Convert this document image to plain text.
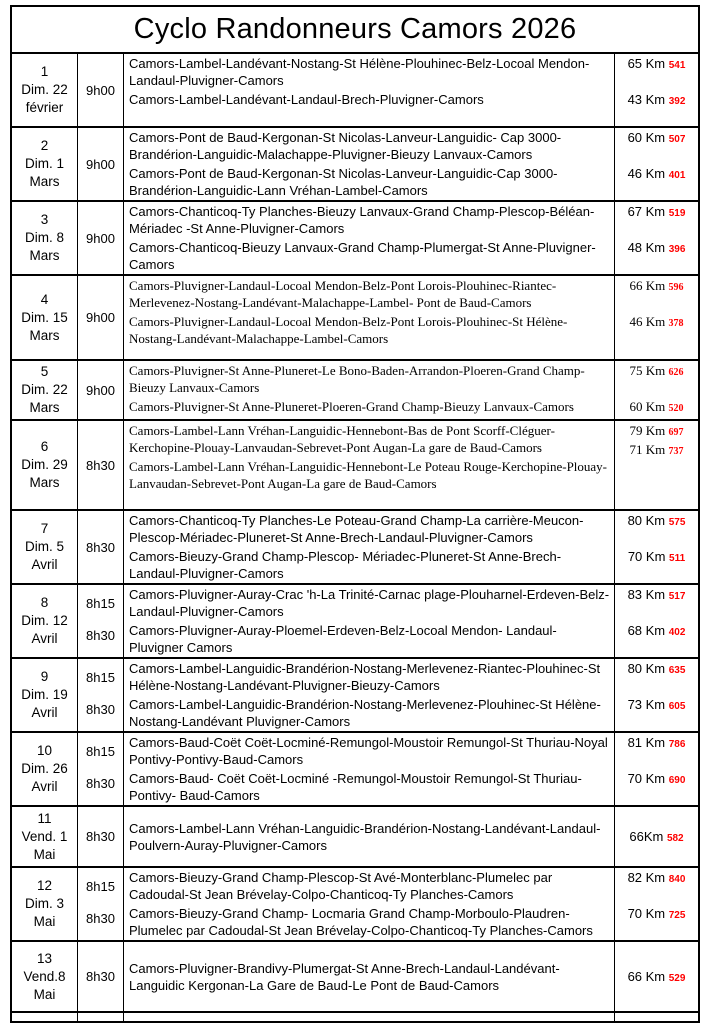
Cyclo Randonneurs Camors 2026
1
Dim. 22
février
9h00
Camors-Lambel-Landévant-Nostang-St Hélène-Plouhinec-Belz-Locoal Mendon-Landaul-Pluvigner-Camors
65 Km 541
Camors-Lambel-Landévant-Landaul-Brech-Pluvigner-Camors	43 Km 392
2
Dim. 1
Mars
9h00
Camors-Pont de Baud-Kergonan-St Nicolas-Lanveur-Languidic- Cap 3000-Brandérion-Languidic-Malachappe-Pluvigner-Bieuzy Lanvaux-Camors
60 Km 507
Camors-Pont de Baud-Kergonan-St Nicolas-Lanveur-Languidic-Cap 3000-Brandérion-Languidic-Lann Vréhan-Lambel-Camors
46 Km 401
3
Dim. 8
Mars
9h00
Camors-Chanticoq-Ty Planches-Bieuzy Lanvaux-Grand Champ-Plescop-Béléan-Mériadec -St Anne-Pluvigner-Camors
67 Km 519
Camors-Chanticoq-Bieuzy Lanvaux-Grand Champ-Plumergat-St Anne-Pluvigner-Camors
48 Km 396
4
Dim. 15
Mars
9h00
Camors-Pluvigner-Landaul-Locoal Mendon-Belz-Pont Lorois-Plouhinec-Riantec-Merlevenez-Nostang-Landévant-Malachappe-Lambel- Pont de Baud-Camors
66 Km 596
Camors-Pluvigner-Landaul-Locoal Mendon-Belz-Pont Lorois-Plouhinec-St Hélène-Nostang-Landévant-Malachappe-Lambel-Camors
46 Km 378
5
Dim. 22
Mars
9h00
Camors-Pluvigner-St Anne-Pluneret-Le Bono-Baden-Arrandon-Ploeren-Grand Champ-Bieuzy Lanvaux-Camors
75 Km 626
Camors-Pluvigner-St Anne-Pluneret-Ploeren-Grand Champ-Bieuzy Lanvaux-Camors	60 Km 520
6
Dim. 29
Mars
8h30
Camors-Lambel-Lann Vréhan-Languidic-Hennebont-Bas de Pont Scorff-Cléguer- Kerchopine-Plouay-Lanvaudan-Sebrevet-Pont Augan-La gare de Baud-Camors
79 Km 697
Camors-Lambel-Lann Vréhan-Languidic-Hennebont-Le Poteau Rouge-Kerchopine-Plouay-Lanvaudan-Sebrevet-Pont Augan-La gare de Baud-Camors
71 Km 737
7
Dim. 5
Avril
8h30
Camors-Chanticoq-Ty Planches-Le Poteau-Grand Champ-La carrière-Meucon-Plescop-Mériadec-Pluneret-St Anne-Brech-Landaul-Pluvigner-Camors
80 Km 575
Camors-Bieuzy-Grand Champ-Plescop- Mériadec-Pluneret-St Anne-Brech-Landaul-Pluvigner-Camors
70 Km 511
8
Dim. 12
Avril
8h15
8h30
Camors-Pluvigner-Auray-Crac 'h-La Trinité-Carnac plage-Plouharnel-Erdeven-Belz-Landaul-Pluvigner-Camors
83 Km 517
Camors-Pluvigner-Auray-Ploemel-Erdeven-Belz-Locoal Mendon- Landaul-Pluvigner Camors
68 Km 402
9
Dim. 19
Avril
8h15
8h30
Camors-Lambel-Languidic-Brandérion-Nostang-Merlevenez-Riantec-Plouhinec-St Hélène-Nostang-Landévant-Pluvigner-Bieuzy-Camors
80 Km 635
Camors-Lambel-Languidic-Brandérion-Nostang-Merlevenez-Plouhinec-St Hélène-Nostang-Landévant Pluvigner-Camors
73 Km 605
10
Dim. 26
Avril
8h15
8h30
Camors-Baud-Coët Coët-Locminé-Remungol-Moustoir Remungol-St Thuriau-Noyal Pontivy-Pontivy-Baud-Camors
81 Km 786
Camors-Baud- Coët Coët-Locminé -Remungol-Moustoir Remungol-St Thuriau-Pontivy- Baud-Camors
70 Km 690
11
Vend. 1
Mai
8h30
Camors-Lambel-Lann Vréhan-Languidic-Brandérion-Nostang-Landévant-Landaul-Poulvern-Auray-Pluvigner-Camors
66Km 582
12
Dim. 3
Mai
8h15
8h30
Camors-Bieuzy-Grand Champ-Plescop-St Avé-Monterblanc-Plumelec par Cadoudal-St Jean Brévelay-Colpo-Chanticoq-Ty Planches-Camors
82 Km 840
Camors-Bieuzy-Grand Champ- Locmaria Grand Champ-Morboulo-Plaudren-Plumelec par Cadoudal-St Jean Brévelay-Colpo-Chanticoq-Ty Planches-Camors
70 Km 725
13
Vend.8
Mai
8h30
Camors-Pluvigner-Brandivy-Plumergat-St Anne-Brech-Landaul-Landévant-Languidic Kergonan-La Gare de Baud-Le Pont de Baud-Camors
66 Km 529
